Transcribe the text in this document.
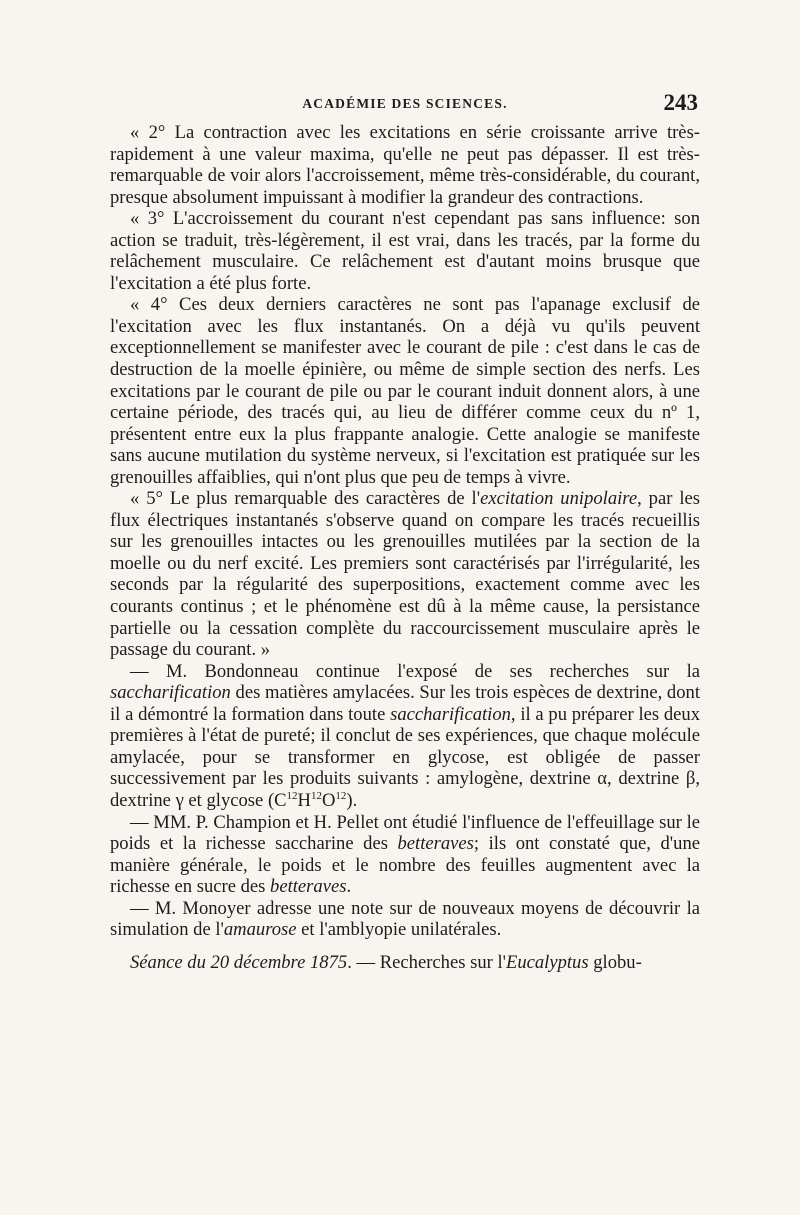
ACADÉMIE DES SCIENCES.	243

« 2° La contraction avec les excitations en série croissante arrive très-rapidement à une valeur maxima, qu'elle ne peut pas dépasser. Il est très-remarquable de voir alors l'accroissement, même très-considérable, du courant, presque absolument impuissant à modifier la grandeur des contractions.

« 3° L'accroissement du courant n'est cependant pas sans influence: son action se traduit, très-légèrement, il est vrai, dans les tracés, par la forme du relâchement musculaire. Ce relâchement est d'autant moins brusque que l'excitation a été plus forte.

« 4° Ces deux derniers caractères ne sont pas l'apanage exclusif de l'excitation avec les flux instantanés. On a déjà vu qu'ils peuvent exceptionnellement se manifester avec le courant de pile : c'est dans le cas de destruction de la moelle épinière, ou même de simple section des nerfs. Les excitations par le courant de pile ou par le courant induit donnent alors, à une certaine période, des tracés qui, au lieu de différer comme ceux du nº 1, présentent entre eux la plus frappante analogie. Cette analogie se manifeste sans aucune mutilation du système nerveux, si l'excitation est pratiquée sur les grenouilles affaiblies, qui n'ont plus que peu de temps à vivre.

« 5° Le plus remarquable des caractères de l'excitation unipolaire, par les flux électriques instantanés s'observe quand on compare les tracés recueillis sur les grenouilles intactes ou les grenouilles mutilées par la section de la moelle ou du nerf excité. Les premiers sont caractérisés par l'irrégularité, les seconds par la régularité des superpositions, exactement comme avec les courants continus ; et le phénomène est dû à la même cause, la persistance partielle ou la cessation complète du raccourcissement musculaire après le passage du courant. »

— M. Bondonneau continue l'exposé de ses recherches sur la saccharification des matières amylacées. Sur les trois espèces de dextrine, dont il a démontré la formation dans toute saccharification, il a pu préparer les deux premières à l'état de pureté; il conclut de ses expériences, que chaque molécule amylacée, pour se transformer en glycose, est obligée de passer successivement par les produits suivants : amylogène, dextrine α, dextrine β, dextrine γ et glycose $(C^{12}H^{12}O^{12})$.

— MM. P. Champion et H. Pellet ont étudié l'influence de l'effeuillage sur le poids et la richesse saccharine des betteraves; ils ont constaté que, d'une manière générale, le poids et le nombre des feuilles augmentent avec la richesse en sucre des betteraves.

— M. Monoyer adresse une note sur de nouveaux moyens de découvrir la simulation de l'amaurose et l'amblyopie unilatérales.

Séance du 20 décembre 1875. — Recherches sur l'Eucalyptus globu-
